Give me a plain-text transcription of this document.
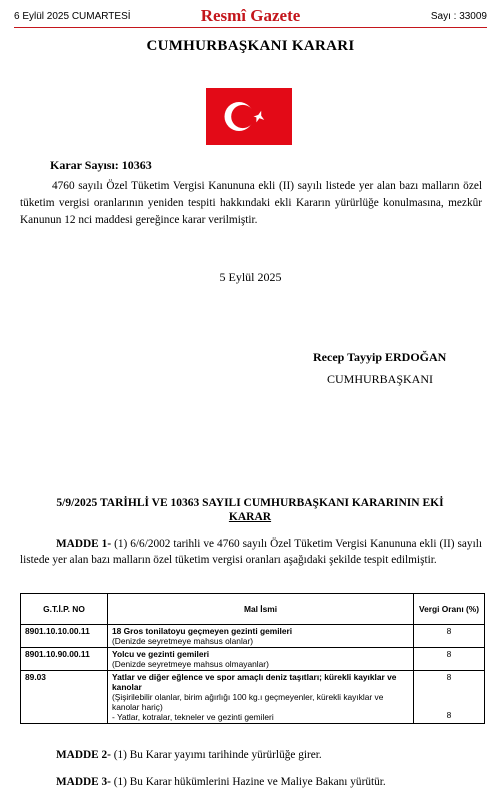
6 Eylül 2025 CUMARTESİ	Resmî Gazete	Sayı : 33009
CUMHURBAŞKANI KARARI
Karar Sayısı: 10363

4760 sayılı Özel Tüketim Vergisi Kanununa ekli (II) sayılı listede yer alan bazı malların özel tüketim vergisi oranlarının yeniden tespiti hakkındaki ekli Kararın yürürlüğe konulmasına, mezkûr Kanunun 12 nci maddesi gereğince karar verilmiştir.

5 Eylül 2025
Recep Tayyip ERDOĞAN
CUMHURBAŞKANI
5/9/2025 TARİHLİ VE 10363 SAYILI CUMHURBAŞKANI KARARININ EKİ
KARAR

MADDE 1- (1) 6/6/2002 tarihli ve 4760 sayılı Özel Tüketim Vergisi Kanununa ekli (II) sayılı listede yer alan bazı malların özel tüketim vergisi oranları aşağıdaki şekilde tespit edilmiştir.

G.T.İ.P. NO	Mal İsmi	Vergi Oranı (%)
8901.10.10.00.11	18 Gros tonilatoyu geçmeyen gezinti gemileri
(Denizde seyretmeye mahsus olanlar)	8
8901.10.90.00.11	Yolcu ve gezinti gemileri
(Denizde seyretmeye mahsus olmayanlar)	8
89.03	Yatlar ve diğer eğlence ve spor amaçlı deniz taşıtları; kürekli kayıklar ve kanolar
(Şişirilebilir olanlar, birim ağırlığı 100 kg.ı geçmeyenler, kürekli kayıklar ve kanolar hariç)
- Yatlar, kotralar, tekneler ve gezinti gemileri	8
8
MADDE 2- (1) Bu Karar yayımı tarihinde yürürlüğe girer.
MADDE 3- (1) Bu Karar hükümlerini Hazine ve Maliye Bakanı yürütür.
